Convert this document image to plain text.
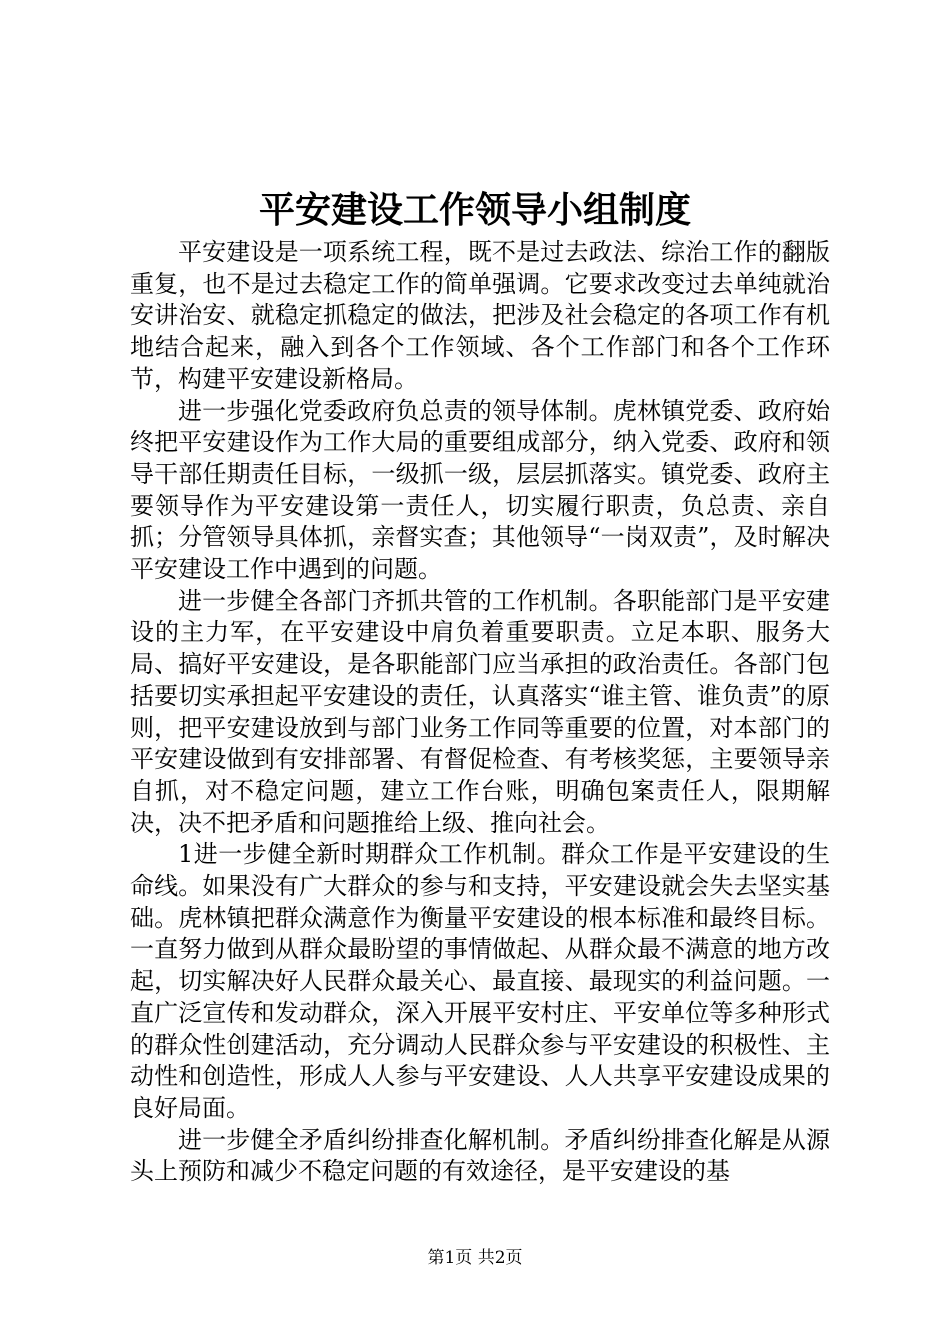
平安建设工作领导小组制度

平安建设是一项系统工程，既不是过去政法、综治工作的翻版重复，也不是过去稳定工作的简单强调。它要求改变过去单纯就治安讲治安、就稳定抓稳定的做法，把涉及社会稳定的各项工作有机地结合起来，融入到各个工作领域、各个工作部门和各个工作环节，构建平安建设新格局。

进一步强化党委政府负总责的领导体制。虎林镇党委、政府始终把平安建设作为工作大局的重要组成部分，纳入党委、政府和领导干部任期责任目标，一级抓一级，层层抓落实。镇党委、政府主要领导作为平安建设第一责任人，切实履行职责，负总责、亲自抓；分管领导具体抓，亲督实查；其他领导“一岗双责”，及时解决平安建设工作中遇到的问题。

进一步健全各部门齐抓共管的工作机制。各职能部门是平安建设的主力军，在平安建设中肩负着重要职责。立足本职、服务大局、搞好平安建设，是各职能部门应当承担的政治责任。各部门包括要切实承担起平安建设的责任，认真落实“谁主管、谁负责”的原则，把平安建设放到与部门业务工作同等重要的位置，对本部门的平安建设做到有安排部署、有督促检查、有考核奖惩，主要领导亲自抓，对不稳定问题，建立工作台账，明确包案责任人，限期解决，决不把矛盾和问题推给上级、推向社会。

1进一步健全新时期群众工作机制。群众工作是平安建设的生命线。如果没有广大群众的参与和支持，平安建设就会失去坚实基础。虎林镇把群众满意作为衡量平安建设的根本标准和最终目标。一直努力做到从群众最盼望的事情做起、从群众最不满意的地方改起，切实解决好人民群众最关心、最直接、最现实的利益问题。一直广泛宣传和发动群众，深入开展平安村庄、平安单位等多种形式的群众性创建活动，充分调动人民群众参与平安建设的积极性、主动性和创造性，形成人人参与平安建设、人人共享平安建设成果的良好局面。

进一步健全矛盾纠纷排查化解机制。矛盾纠纷排查化解是从源头上预防和减少不稳定问题的有效途径，是平安建设的基

第1页 共2页
